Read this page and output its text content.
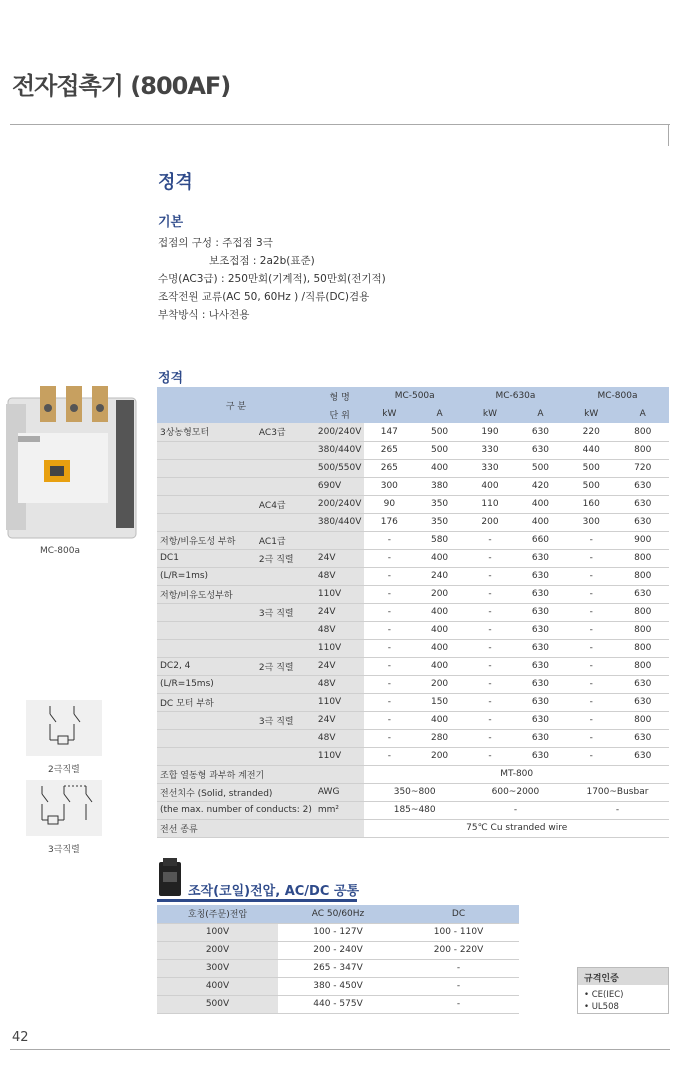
전자접촉기 (800AF)
정격
기본
접점의 구성 : 주접점 3극
보조접점 : 2a2b(표준)
수명(AC3급) : 250만회(기계적), 50만회(전기적)
조작전원 교류(AC 50, 60Hz ) /직류(DC)겸용
부착방식 : 나사전용
정격
MC-800a
2극직렬
3극직렬
구 분		형 명	MC-500a		MC-630a		MC-800a	
		단 위	kW	A	kW	A	kW	A
3상농형모터	AC3급	200/240V	147	500	190	630	220	800
		380/440V	265	500	330	630	440	800
		500/550V	265	400	330	500	500	720
		690V	300	380	400	420	500	630
	AC4급	200/240V	90	350	110	400	160	630
		380/440V	176	350	200	400	300	630
저항/비유도성 부하	AC1급		-	580	-	660	-	900
DC1	2극 직렬	24V	-	400	-	630	-	800
(L/R=1ms)		48V	-	240	-	630	-	800
저항/비유도성부하		110V	-	200	-	630	-	630
	3극 직렬	24V	-	400	-	630	-	800
		48V	-	400	-	630	-	800
		110V	-	400	-	630	-	800
DC2, 4	2극 직렬	24V	-	400	-	630	-	800
(L/R=15ms)		48V	-	200	-	630	-	630
DC 모터 부하		110V	-	150	-	630	-	630
	3극 직렬	24V	-	400	-	630	-	800
		48V	-	280	-	630	-	630
		110V	-	200	-	630	-	630
조합 열동형 과부하 계전기			MT-800					
전선치수 (Solid, stranded)		AWG	350~800		600~2000		1700~Busbar	
(the max. number of conducts: 2)		mm²	185~480		-		-	
전선 종류			75℃ Cu stranded wire					
조작(코일)전압, AC/DC 공통
호칭(주문)전압	AC 50/60Hz	DC
100V	100 - 127V	100 - 110V
200V	200 - 240V	200 - 220V
300V	265 - 347V	-
400V	380 - 450V	-
500V	440 - 575V	-
규격인증
• CE(IEC)
• UL508
42
